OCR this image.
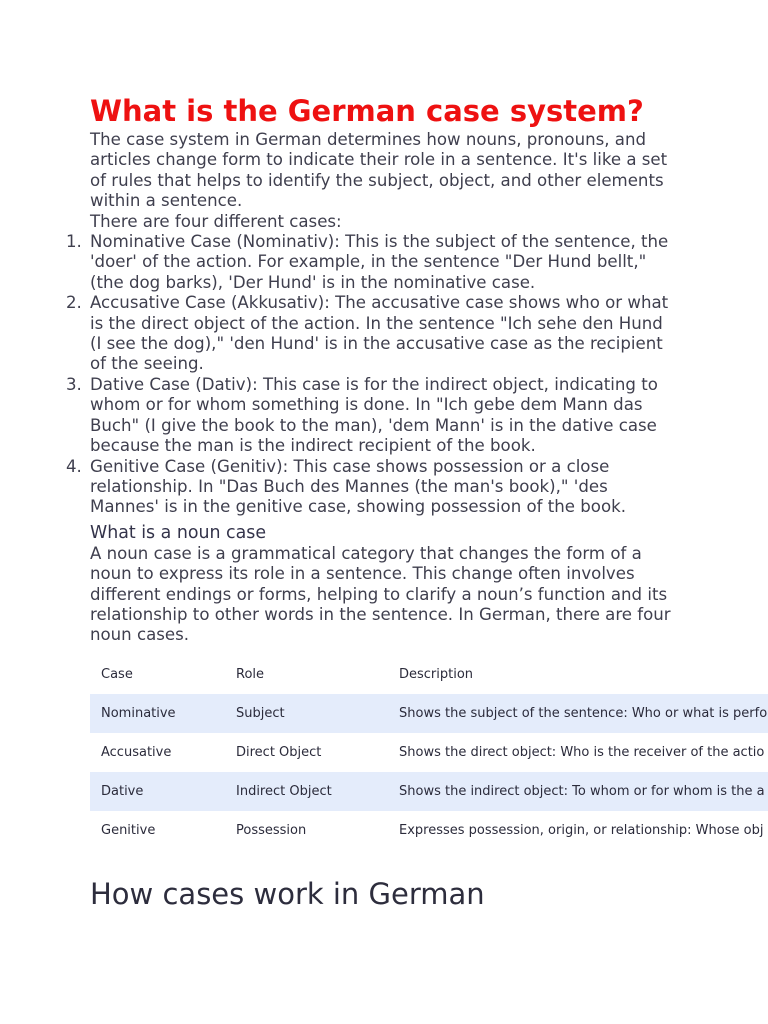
What is the German case system?

The case system in German determines how nouns, pronouns, and articles change form to indicate their role in a sentence. It's like a set of rules that helps to identify the subject, object, and other elements within a sentence.

There are four different cases:

1. Nominative Case (Nominativ): This is the subject of the sentence, the 'doer' of the action. For example, in the sentence "Der Hund bellt," (the dog barks), 'Der Hund' is in the nominative case.
2. Accusative Case (Akkusativ): The accusative case shows who or what is the direct object of the action. In the sentence "Ich sehe den Hund (I see the dog)," 'den Hund' is in the accusative case as the recipient of the seeing.
3. Dative Case (Dativ): This case is for the indirect object, indicating to whom or for whom something is done. In "Ich gebe dem Mann das Buch" (I give the book to the man), 'dem Mann' is in the dative case because the man is the indirect recipient of the book.
4. Genitive Case (Genitiv): This case shows possession or a close relationship. In "Das Buch des Mannes (the man's book)," 'des Mannes' is in the genitive case, showing possession of the book.
What is a noun case

A noun case is a grammatical category that changes the form of a noun to express its role in a sentence. This change often involves different endings or forms, helping to clarify a noun’s function and its relationship to other words in the sentence. In German, there are four noun cases.

Case	Role	Description
Nominative	Subject	Shows the subject of the sentence: Who or what is perfo
Accusative	Direct Object	Shows the direct object: Who is the receiver of the actio
Dative	Indirect Object	Shows the indirect object: To whom or for whom is the a
Genitive	Possession	Expresses possession, origin, or relationship: Whose obj
How cases work in German
